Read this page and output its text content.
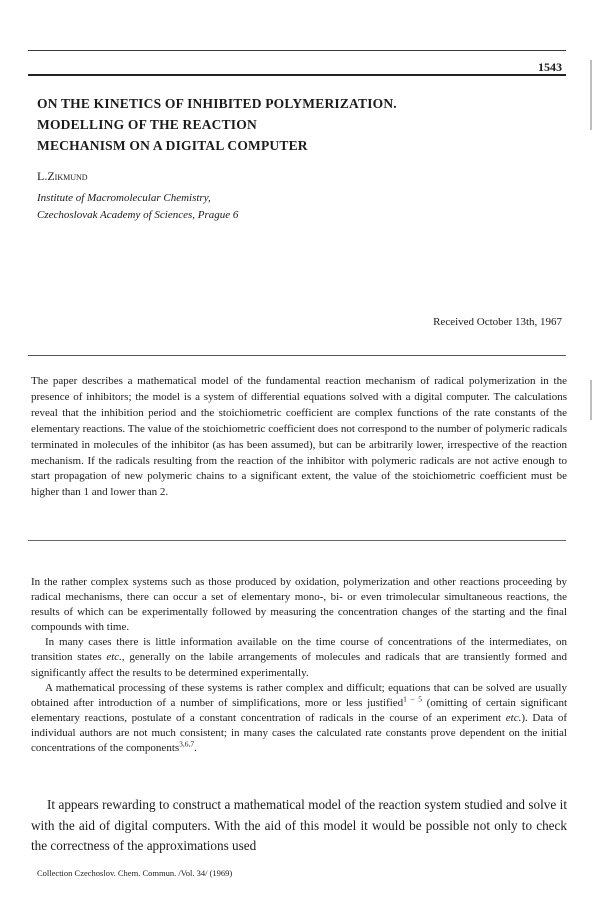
1543
ON THE KINETICS OF INHIBITED POLYMERIZATION.
MODELLING OF THE REACTION
MECHANISM ON A DIGITAL COMPUTER
L.Zikmund
Institute of Macromolecular Chemistry,
Czechoslovak Academy of Sciences, Prague 6
Received October 13th, 1967
The paper describes a mathematical model of the fundamental reaction mechanism of radical polymerization in the presence of inhibitors; the model is a system of differential equations solved with a digital computer. The calculations reveal that the inhibition period and the stoichiometric coefficient are complex functions of the rate constants of the elementary reactions. The value of the stoichiometric coefficient does not correspond to the number of polymeric radicals terminated in molecules of the inhibitor (as has been assumed), but can be arbitrarily lower, irrespective of the reaction mechanism. If the radicals resulting from the reaction of the inhibitor with polymeric radicals are not active enough to start propagation of new polymeric chains to a significant extent, the value of the stoichiometric coefficient must be higher than 1 and lower than 2.

In the rather complex systems such as those produced by oxidation, polymerization and other reactions proceeding by radical mechanisms, there can occur a set of elementary mono-, bi- or even trimolecular simultaneous reactions, the results of which can be experimentally followed by measuring the concentration changes of the starting and the final compounds with time.

In many cases there is little information available on the time course of concentrations of the intermediates, on transition states etc., generally on the labile arrangements of molecules and radicals that are transiently formed and significantly affect the results to be determined experimentally.

A mathematical processing of these systems is rather complex and difficult; equations that can be solved are usually obtained after introduction of a number of simplifications, more or less justified$^{1 - 5}$ (omitting of certain significant elementary reactions, postulate of a constant concentration of radicals in the course of an experiment etc.). Data of individual authors are not much consistent; in many cases the calculated rate constants prove dependent on the initial concentrations of the components$^{3,6,7}$.

It appears rewarding to construct a mathematical model of the reaction system studied and solve it with the aid of digital computers. With the aid of this model it would be possible not only to check the correctness of the approximations used

Collection Czechoslov. Chem. Commun. /Vol. 34/ (1969)
